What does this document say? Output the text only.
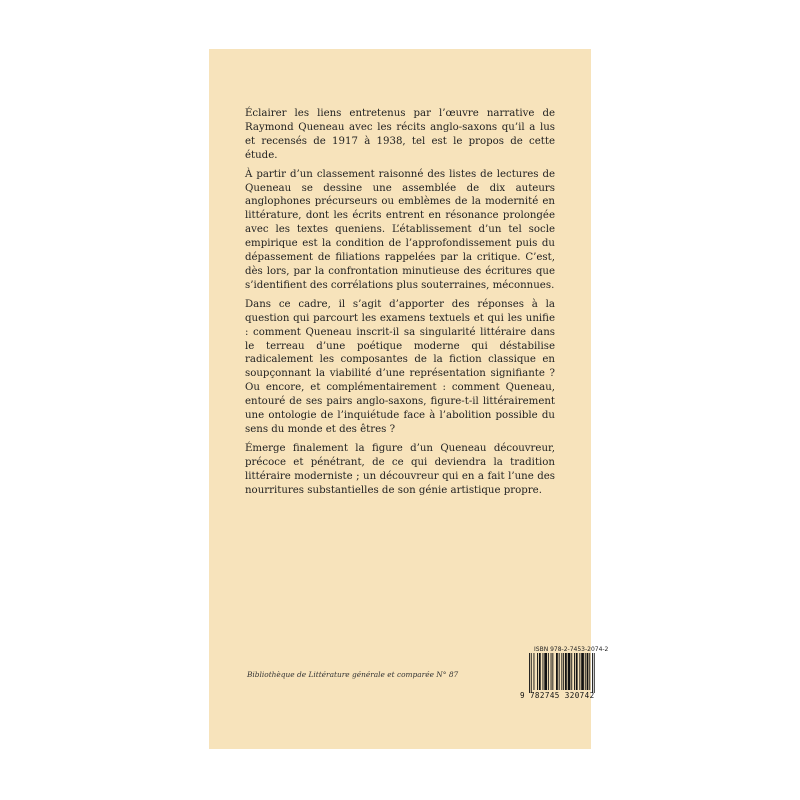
Éclairer les liens entretenus par l’œuvre narrative de Raymond Queneau avec les récits anglo-saxons qu’il a lus et recensés de 1917 à 1938, tel est le propos de cette étude.

À partir d’un classement raisonné des listes de lectures de Queneau se dessine une assemblée de dix auteurs anglophones précurseurs ou emblèmes de la modernité en littérature, dont les écrits entrent en résonance prolongée avec les textes queniens. L’établissement d’un tel socle empirique est la condition de l’approfondissement puis du dépassement de filiations rappelées par la critique. C’est, dès lors, par la confrontation minutieuse des écritures que s’identifient des corrélations plus souterraines, méconnues.

Dans ce cadre, il s’agit d’apporter des réponses à la question qui parcourt les examens textuels et qui les unifie : comment Queneau inscrit-il sa singularité littéraire dans le terreau d’une poétique moderne qui déstabilise radicalement les composantes de la fiction classique en soupçonnant la viabilité d’une représentation signifiante ? Ou encore, et complémentairement : comment Queneau, entouré de ses pairs anglo-saxons, figure-t-il littérairement une ontologie de l’inquiétude face à l’abolition possible du sens du monde et des êtres ?

Émerge finalement la figure d’un Queneau découvreur, précoce et pénétrant, de ce qui deviendra la tradition littéraire moderniste ; un découvreur qui en a fait l’une des nourritures substantielles de son génie artistique propre.

Bibliothèque de Littérature générale et comparée N° 87
ISBN 978-2-7453-2074-2
9 782745 320742
